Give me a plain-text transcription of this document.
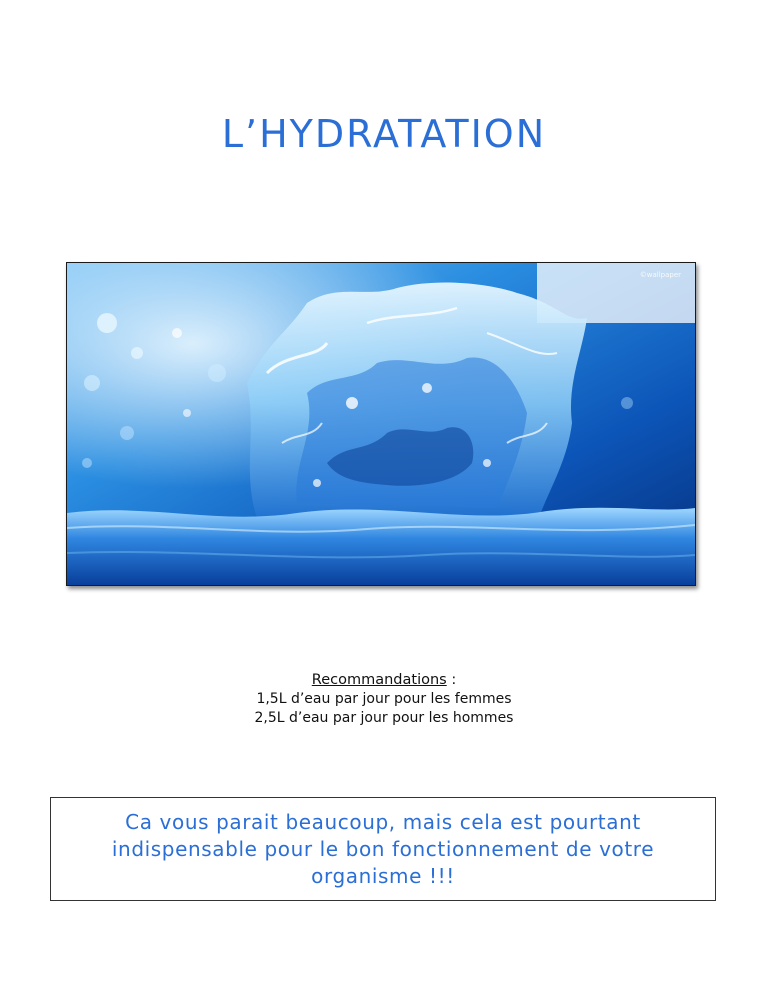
L’HYDRATATION
©wallpaper
Recommandations :
1,5L d’eau par jour pour les femmes
2,5L d’eau par jour pour les hommes
Ca vous parait beaucoup, mais cela est pourtant indispensable pour le bon fonctionnement de votre organisme !!!
